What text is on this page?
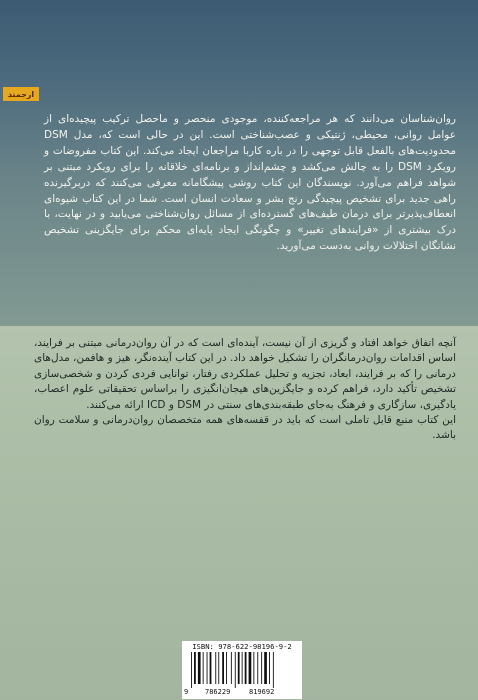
ارجمند

روان‌شناسان می‌دانند که هر مراجعه‌کننده، موجودی منحصر و ماحصل ترکیب پیچیده‌ای از عوامل روانی، محیطی، ژنتیکی و عصب‌شناختی است. این در حالی است که، مدل DSM محدودیت‌های بالفعل قابل توجهی را در باره کاربا مراجعان ایجاد می‌کند. این کتاب مفروضات و رویکرد DSM را به چالش می‌کشد و چشم‌انداز و برنامه‌ای خلاقانه را برای رویکرد مبتنی بر شواهد فراهم می‌آورد. نویسندگان این کتاب روشی پیشگامانه معرفی می‌کنند که دربرگیرنده راهی جدید برای تشخیص پیچیدگی رنج بشر و سعادت انسان است. شما در این کتاب شیوه‌ای انعطاف‌پذیرتر برای درمان طیف‌های گسترده‌ای از مسائل روان‌شناختی می‌یابید و در نهایت، با درک بیشتری از «فرایندهای تغییر» و چگونگی ایجاد پایه‌ای محکم برای جایگزینی تشخیص نشانگان اختلالات روانی به‌دست می‌آورید.

آنچه اتفاق خواهد افتاد و گریزی از آن نیست، آینده‌ای است که در آن روان‌درمانی مبتنی بر فرایند، اساس اقدامات روان‌درمانگران را تشکیل خواهد داد. در این کتاب آینده‌نگر، هیز و هافمن، مدل‌های درمانی را که بر فرایند، ابعاد، تجزیه و تحلیل عملکردی رفتار، توانایی فردی کردن و شخصی‌سازی تشخیص تأکید دارد، فراهم کرده و جایگزین‌های هیجان‌انگیزی را براساس تحقیقاتی علوم اعصاب، یادگیری، سازگاری و فرهنگ به‌جای طبقه‌بندی‌های سنتی در DSM و ICD ارائه می‌کنند.

این کتاب منبع قابل تاملی است که باید در قفسه‌های همه متخصصان روان‌درمانی و سلامت روان باشد.

ISBN: 978-622-98196-9-2
9 786229	819692
